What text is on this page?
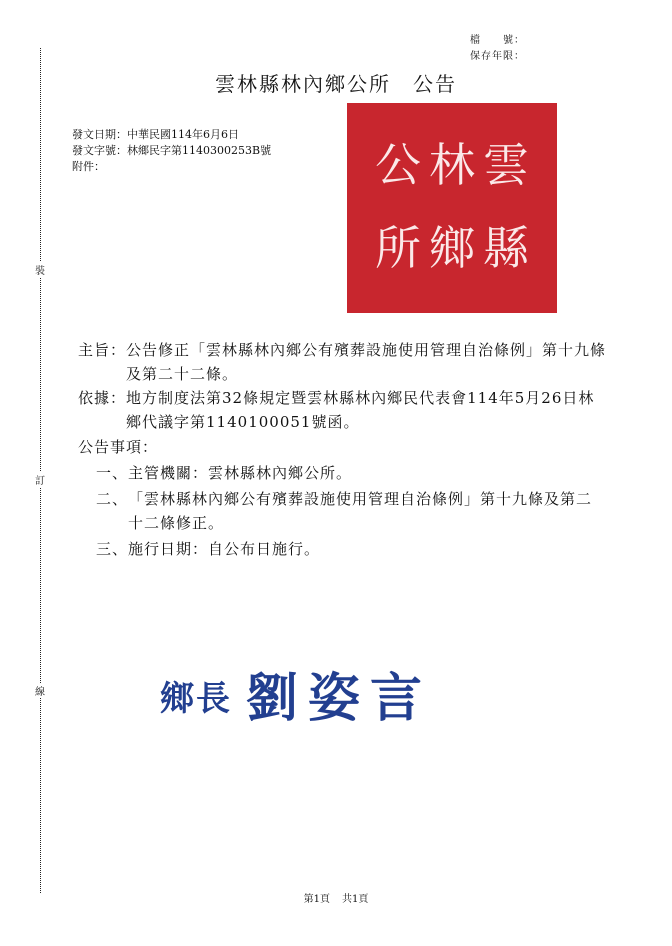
檔　　號：
保存年限：
雲林縣林內鄉公所　公告
發文日期：中華民國114年6月6日
發文字號：林鄉民字第1140300253B號
附件：
裝
訂
線
公 林 雲
所 鄉 縣
主旨： 公告修正「雲林縣林內鄉公有殯葬設施使用管理自治條例」第十九條及第二十二條。
依據： 地方制度法第32條規定暨雲林縣林內鄉民代表會114年5月26日林鄉代議字第1140100051號函。
公告事項：
一、 主管機關：雲林縣林內鄉公所。
二、 「雲林縣林內鄉公有殯葬設施使用管理自治條例」第十九條及第二十二條修正。
三、 施行日期：自公布日施行。
鄉長 劉姿言
第1頁 共1頁
